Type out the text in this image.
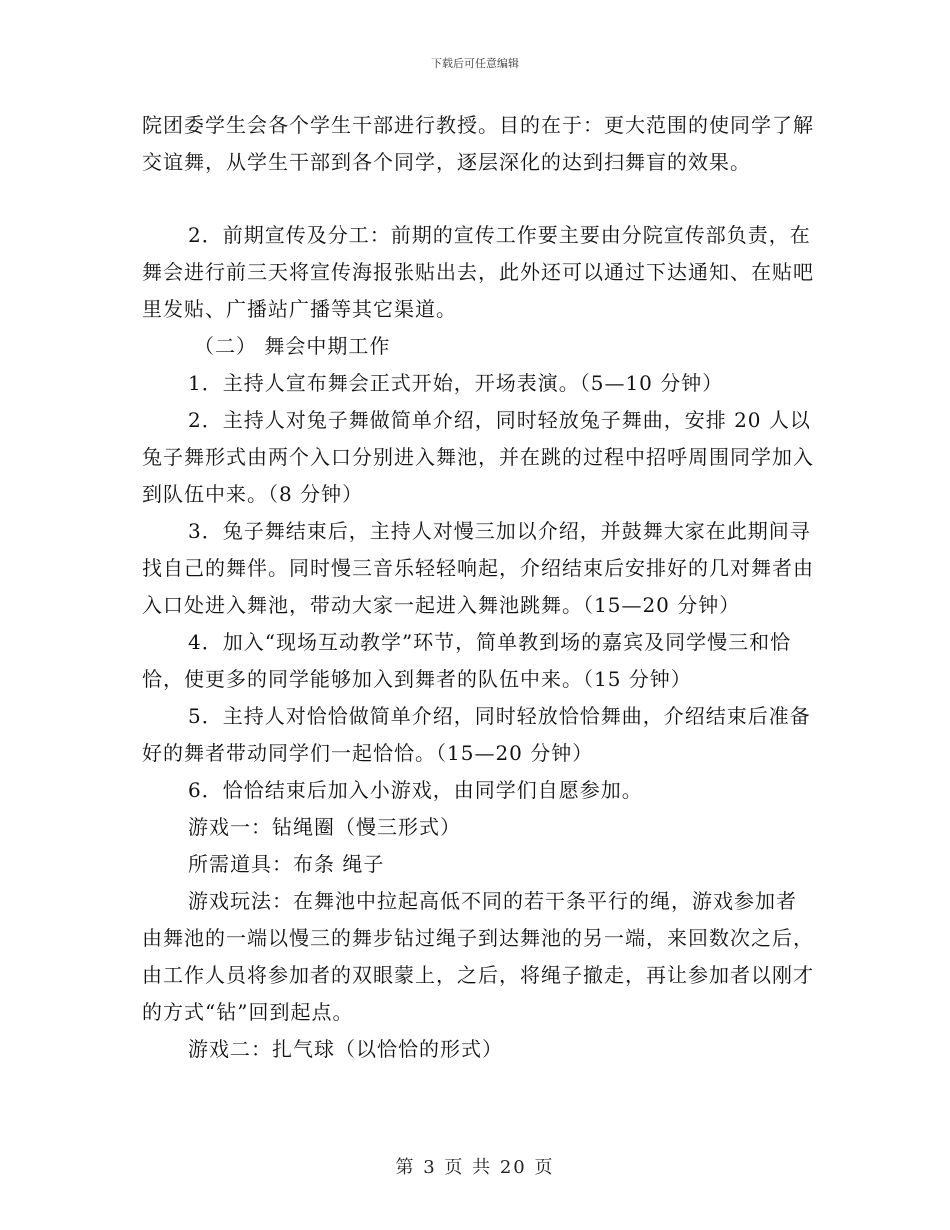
下载后可任意编辑

院团委学生会各个学生干部进行教授。目的在于：更大范围的使同学了解交谊舞，从学生干部到各个同学，逐层深化的达到扫舞盲的效果。

2．前期宣传及分工：前期的宣传工作要主要由分院宣传部负责，在舞会进行前三天将宣传海报张贴出去，此外还可以通过下达通知、在贴吧里发贴、广播站广播等其它渠道。

（二） 舞会中期工作

1．主持人宣布舞会正式开始，开场表演。（5—10 分钟）

2．主持人对兔子舞做简单介绍，同时轻放兔子舞曲，安排 20 人以兔子舞形式由两个入口分别进入舞池，并在跳的过程中招呼周围同学加入到队伍中来。（8 分钟）

3．兔子舞结束后，主持人对慢三加以介绍，并鼓舞大家在此期间寻找自己的舞伴。同时慢三音乐轻轻响起，介绍结束后安排好的几对舞者由入口处进入舞池，带动大家一起进入舞池跳舞。（15—20 分钟）

4．加入“现场互动教学”环节，简单教到场的嘉宾及同学慢三和恰恰，使更多的同学能够加入到舞者的队伍中来。（15 分钟）

5．主持人对恰恰做简单介绍，同时轻放恰恰舞曲，介绍结束后准备好的舞者带动同学们一起恰恰。（15—20 分钟）

6．恰恰结束后加入小游戏，由同学们自愿参加。

游戏一：钻绳圈（慢三形式）

所需道具：布条 绳子

游戏玩法：在舞池中拉起高低不同的若干条平行的绳，游戏参加者由舞池的一端以慢三的舞步钻过绳子到达舞池的另一端，来回数次之后，由工作人员将参加者的双眼蒙上，之后，将绳子撤走，再让参加者以刚才的方式“钻”回到起点。

游戏二：扎气球（以恰恰的形式）

第 3 页 共 20 页
